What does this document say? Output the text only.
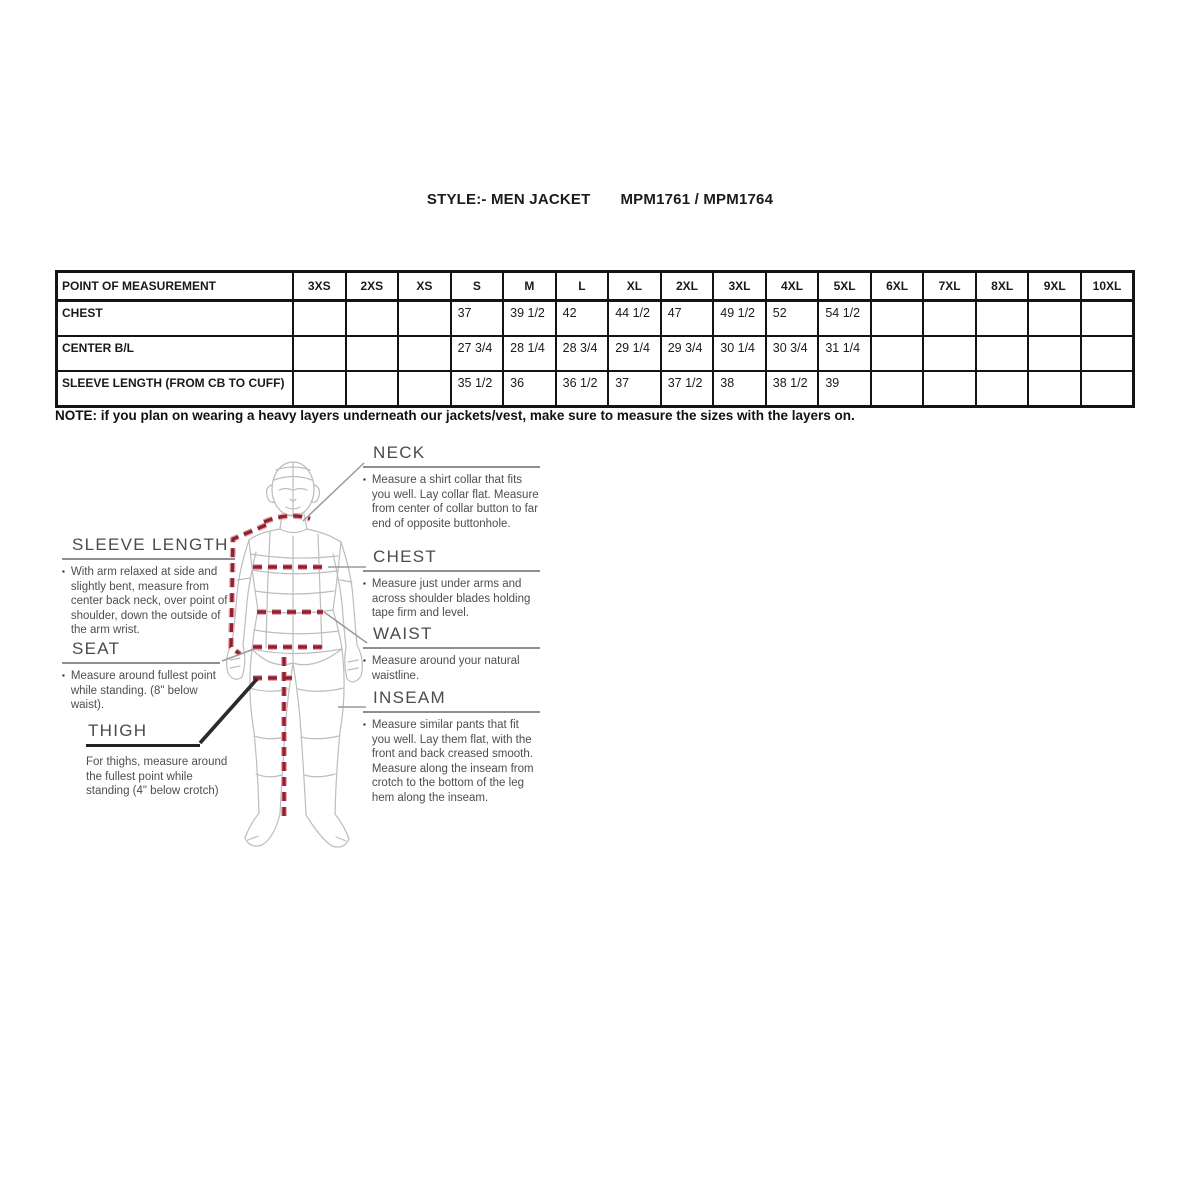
STYLE:- MEN JACKET MPM1761 / MPM1764
POINT OF MEASUREMENT	3XS	2XS	XS	S	M	L	XL	2XL	3XL	4XL	5XL	6XL	7XL	8XL	9XL	10XL
CHEST				37	39 1/2	42	44 1/2	47	49 1/2	52	54 1/2					
CENTER B/L				27 3/4	28 1/4	28 3/4	29 1/4	29 3/4	30 1/4	30 3/4	31 1/4					
SLEEVE LENGTH (FROM CB TO CUFF)				35 1/2	36	36 1/2	37	37 1/2	38	38 1/2	39					
NOTE: if you plan on wearing a heavy layers underneath our jackets/vest, make sure to measure the sizes with the layers on.
SLEEVE LENGTH
▪ With arm relaxed at side and slightly bent, measure from center back neck, over point of shoulder, down the outside of the arm wrist.
SEAT
▪ Measure around fullest point while standing. (8" below waist).
THIGH
For thighs, measure around the fullest point while standing (4" below crotch)
NECK
▪ Measure a shirt collar that fits you well. Lay collar flat. Measure from center of collar button to far end of opposite buttonhole.
CHEST
▪ Measure just under arms and across shoulder blades holding tape firm and level.
WAIST
▪ Measure around your natural waistline.
INSEAM
▪ Measure similar pants that fit you well. Lay them flat, with the front and back creased smooth. Measure along the inseam from crotch to the bottom of the leg hem along the inseam.
